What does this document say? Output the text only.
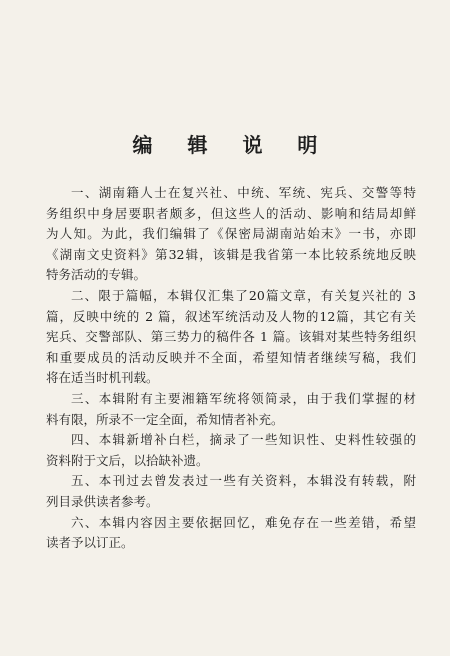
编 辑 说 明
一、湖南籍人士在复兴社、中统、军统、宪兵、交警等特
务组织中身居要职者颇多，但这些人的活动、影响和结局却鲜
为人知。为此，我们编辑了《保密局湖南站始末》一书，亦即
《湖南文史资料》第32辑，该辑是我省第一本比较系统地反映
特务活动的专辑。
二、限于篇幅，本辑仅汇集了20篇文章，有关复兴社的 3
篇，反映中统的 2 篇，叙述军统活动及人物的12篇，其它有关
宪兵、交警部队、第三势力的稿件各 1 篇。该辑对某些特务组织
和重要成员的活动反映并不全面，希望知情者继续写稿，我们
将在适当时机刊载。
三、本辑附有主要湘籍军统将领简录，由于我们掌握的材
料有限，所录不一定全面，希知情者补充。
四、本辑新增补白栏，摘录了一些知识性、史料性较强的
资料附于文后，以拾缺补遗。
五、本刊过去曾发表过一些有关资料，本辑没有转载，附
列目录供读者参考。
六、本辑内容因主要依据回忆，难免存在一些差错，希望
读者予以订正。
